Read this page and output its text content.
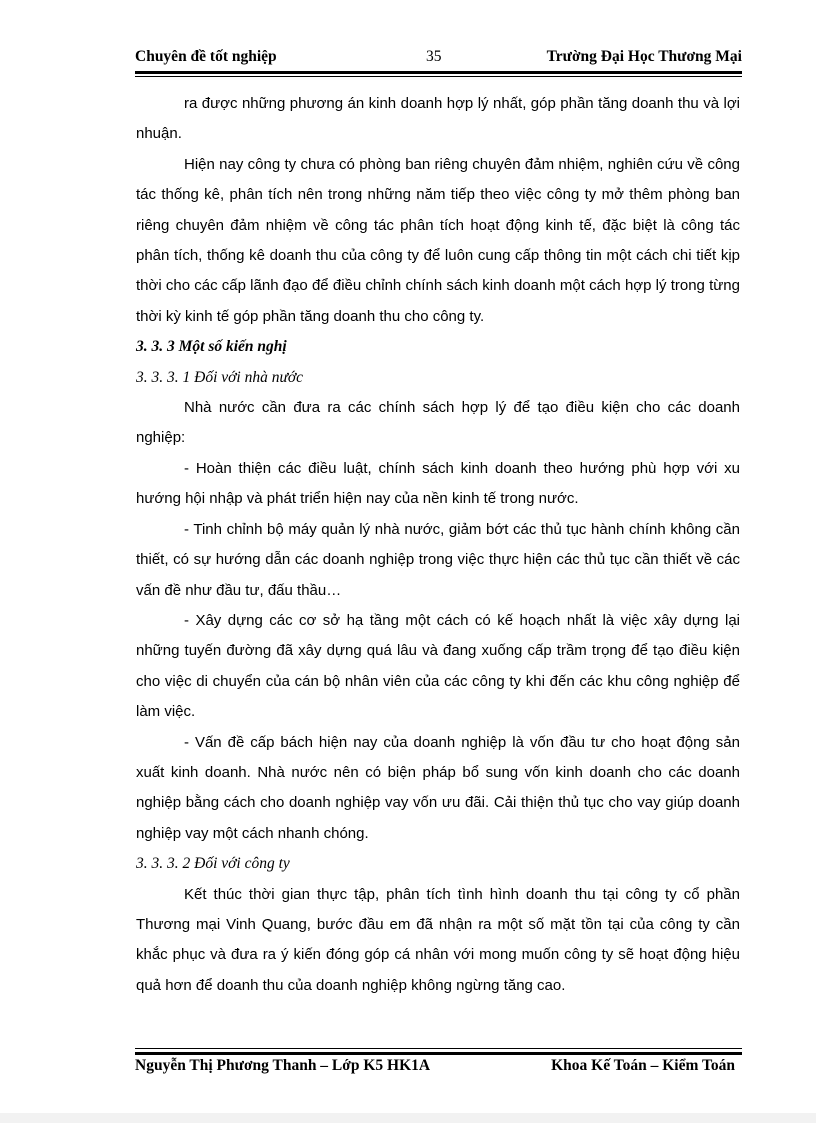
Chuyên đề tốt nghiệp	35	Trường Đại Học Thương Mại

ra được những phương án kinh doanh hợp lý nhất, góp phần tăng doanh thu và lợi nhuận.

Hiện nay công ty chưa có phòng ban riêng chuyên đảm nhiệm, nghiên cứu về công tác thống kê, phân tích nên trong những năm tiếp theo việc công ty mở thêm phòng ban riêng chuyên đảm nhiệm về công tác phân tích hoạt động kinh tế, đặc biệt là công tác phân tích, thống kê doanh thu của công ty để luôn cung cấp thông tin một cách chi tiết kịp thời cho các cấp lãnh đạo để điều chỉnh chính sách kinh doanh một cách hợp lý trong từng thời kỳ kinh tế góp phần tăng doanh thu cho công ty.

3. 3. 3 Một số kiến nghị

3. 3. 3. 1 Đối với nhà nước

Nhà nước cần đưa ra các chính sách hợp lý để tạo điều kiện cho các doanh nghiệp:

- Hoàn thiện các điều luật, chính sách kinh doanh theo hướng phù hợp với xu hướng hội nhập và phát triển hiện nay của nền kinh tế trong nước.

- Tinh chỉnh bộ máy quản lý nhà nước, giảm bớt các thủ tục hành chính không cần thiết, có sự hướng dẫn các doanh nghiệp trong việc thực hiện các thủ tục cần thiết về các vấn đề như đầu tư, đấu thầu…

- Xây dựng các cơ sở hạ tầng một cách có kế hoạch nhất là việc xây dựng lại những tuyến đường đã xây dựng quá lâu và đang xuống cấp trầm trọng để tạo điều kiện cho việc di chuyển của cán bộ nhân viên của các công ty khi đến các khu công nghiệp để làm việc.

- Vấn đề cấp bách hiện nay của doanh nghiệp là vốn đầu tư cho hoạt động sản xuất kinh doanh. Nhà nước nên có biện pháp bổ sung vốn kinh doanh cho các doanh nghiệp bằng cách cho doanh nghiệp vay vốn ưu đãi. Cải thiện thủ tục cho vay giúp doanh nghiệp vay một cách nhanh chóng.

3. 3. 3. 2 Đối với công ty

Kết thúc thời gian thực tập, phân tích tình hình doanh thu tại công ty cổ phần Thương mại Vinh Quang, bước đầu em đã nhận ra một số mặt tồn tại của công ty cần khắc phục và đưa ra ý kiến đóng góp cá nhân với mong muốn công ty sẽ hoạt động hiệu quả hơn để doanh thu của doanh nghiệp không ngừng tăng cao.

Nguyễn Thị Phương Thanh – Lớp K5 HK1A	Khoa Kế Toán – Kiểm Toán
